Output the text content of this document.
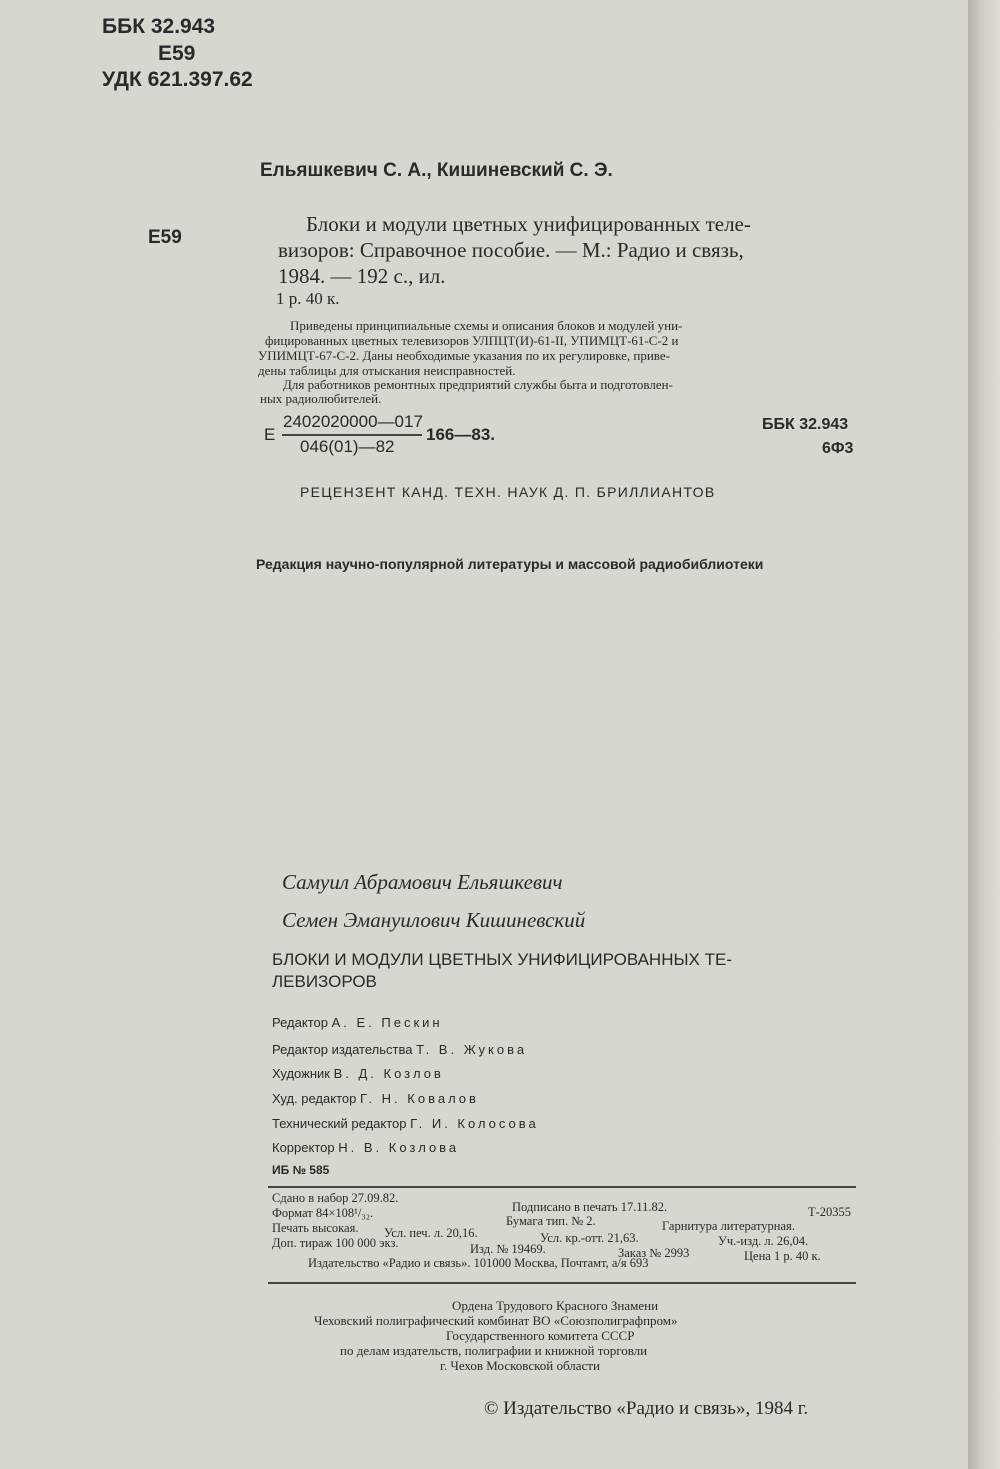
ББК 32.943
Е59
УДК 621.397.62
Ельяшкевич С. А., Кишиневский С. Э.
Е59
Блоки и модули цветных унифицированных теле-
визоров: Справочное пособие. — М.: Радио и связь,
1984. — 192 с., ил.
1 р. 40 к.
Приведены принципиальные схемы и описания блоков и модулей уни-
фицированных цветных телевизоров УЛПЦТ(И)-61-II, УПИМЦТ-61-С-2 и
УПИМЦТ-67-С-2. Даны необходимые указания по их регулировке, приве-
дены таблицы для отыскания неисправностей.
Для работников ремонтных предприятий службы быта и подготовлен-
ных радиолюбителей.
Е
2402020000—017
046(01)—82
166—83.
ББК 32.943
6Ф3
РЕЦЕНЗЕНТ КАНД. ТЕХН. НАУК Д. П. БРИЛЛИАНТОВ
Редакция научно-популярной литературы и массовой радиобиблиотеки
Самуил Абрамович Ельяшкевич
Семен Эмануилович Кишиневский
БЛОКИ И МОДУЛИ ЦВЕТНЫХ УНИФИЦИРОВАННЫХ ТЕ-
ЛЕВИЗОРОВ
Редактор А. Е. Пескин
Редактор издательства Т. В. Жукова
Художник В. Д. Козлов
Худ. редактор Г. Н. Ковалов
Технический редактор Г. И. Колосова
Корректор Н. В. Козлова
ИБ № 585
Сдано в набор 27.09.82.
Подписано в печать 17.11.82.	Т-20355
Формат 84×108¹/₃₂.
Бумага тип. № 2.	Гарнитура литературная.
Печать высокая. Усл. печ. л. 20,16.	Усл. кр.-отт. 21,63.	Уч.-изд. л. 26,04.
Доп. тираж 100 000 экз.	Изд. № 19469.	Заказ № 2993	Цена 1 р. 40 к.
Издательство «Радио и связь». 101000 Москва, Почтамт, а/я 693
Ордена Трудового Красного Знамени
Чеховский полиграфический комбинат ВО «Союзполиграфпром»
Государственного комитета СССР
по делам издательств, полиграфии и книжной торговли
г. Чехов Московской области
© Издательство «Радио и связь», 1984 г.
